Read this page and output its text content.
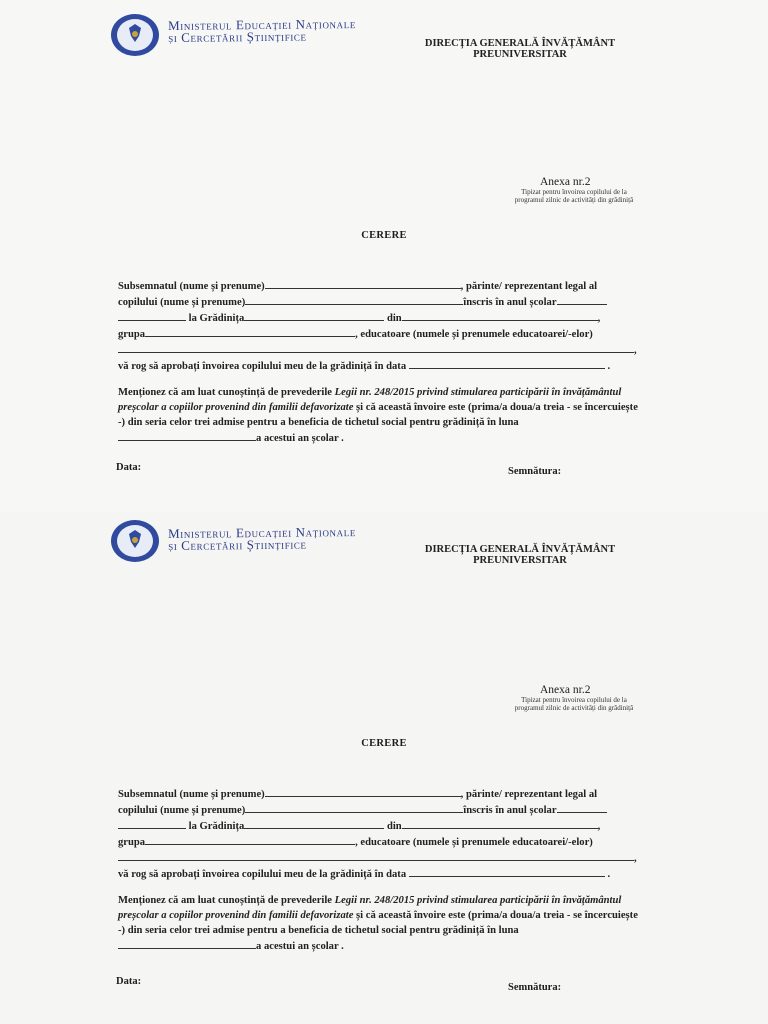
Ministerul Educației Naționale
și Cercetării Științifice	DIRECȚIA GENERALĂ ÎNVĂȚĂMÂNT
PREUNIVERSITAR
Anexa nr.2
Tipizat pentru învoirea copilului de la
programul zilnic de activități din grădiniță
CERERE
Subsemnatul (nume și prenume)	, părinte/ reprezentant legal al
copilului (nume și prenume)	înscris în anul școlar
la Grădinița	din	,
grupa	, educatoare (numele și prenumele educatoarei/-elor)
,
vă rog să aprobați învoirea copilului meu de la grădiniță în data	.
Menționez că am luat cunoștință de prevederile Legii nr. 248/2015 privind stimularea participării în învățământul preșcolar a copiilor provenind din familii defavorizate și că această învoire este (prima/a doua/a treia - se încercuiește -) din seria celor trei admise pentru a beneficia de tichetul social pentru grădiniță în lunaa acestui an școlar .
Data:	Semnătura:
Ministerul Educației Naționale
și Cercetării Științifice	DIRECȚIA GENERALĂ ÎNVĂȚĂMÂNT
PREUNIVERSITAR
Anexa nr.2
Tipizat pentru învoirea copilului de la
programul zilnic de activități din grădiniță
CERERE
Subsemnatul (nume și prenume)	, părinte/ reprezentant legal al
copilului (nume și prenume)	înscris în anul școlar
la Grădinița	din	,
grupa	, educatoare (numele și prenumele educatoarei/-elor)
,
vă rog să aprobați învoirea copilului meu de la grădiniță în data	.
Menționez că am luat cunoștință de prevederile Legii nr. 248/2015 privind stimularea participării în învățământul preșcolar a copiilor provenind din familii defavorizate și că această învoire este (prima/a doua/a treia - se încercuiește -) din seria celor trei admise pentru a beneficia de tichetul social pentru grădiniță în lunaa acestui an școlar .
Data:
Semnătura:
